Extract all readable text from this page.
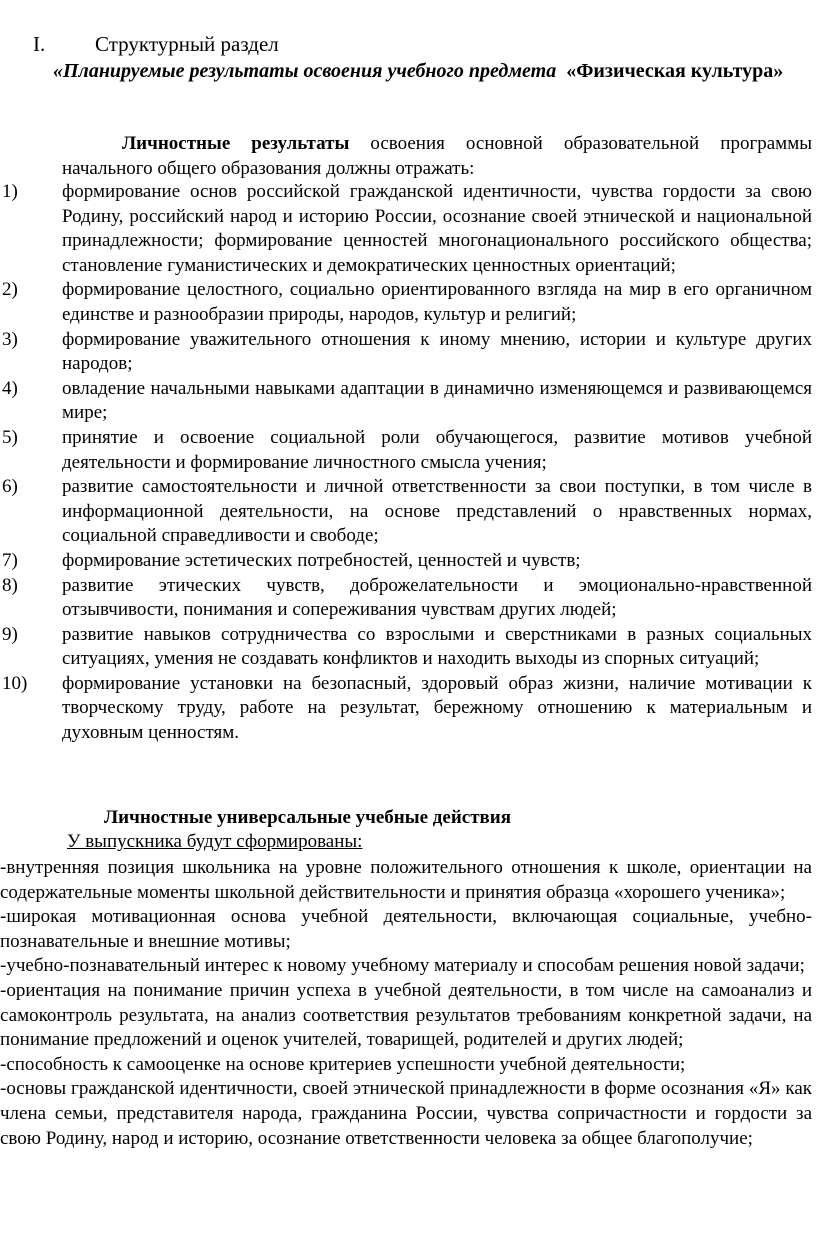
I. Структурный раздел
«Планируемые результаты освоения учебного предмета «Физическая культура»
Личностные результаты освоения основной образовательной программы начального общего образования должны отражать:
1) формирование основ российской гражданской идентичности, чувства гордости за свою Родину, российский народ и историю России, осознание своей этнической и национальной принадлежности; формирование ценностей многонационального российского общества; становление гуманистических и демократических ценностных ориентаций;
2) формирование целостного, социально ориентированного взгляда на мир в его органичном единстве и разнообразии природы, народов, культур и религий;
3) формирование уважительного отношения к иному мнению, истории и культуре других народов;
4) овладение начальными навыками адаптации в динамично изменяющемся и развивающемся мире;
5) принятие и освоение социальной роли обучающегося, развитие мотивов учебной деятельности и формирование личностного смысла учения;
6) развитие самостоятельности и личной ответственности за свои поступки, в том числе в информационной деятельности, на основе представлений о нравственных нормах, социальной справедливости и свободе;
7) формирование эстетических потребностей, ценностей и чувств;
8) развитие этических чувств, доброжелательности и эмоционально-нравственной отзывчивости, понимания и сопереживания чувствам других людей;
9) развитие навыков сотрудничества со взрослыми и сверстниками в разных социальных ситуациях, умения не создавать конфликтов и находить выходы из спорных ситуаций;
10) формирование установки на безопасный, здоровый образ жизни, наличие мотивации к творческому труду, работе на результат, бережному отношению к материальным и духовным ценностям.
Личностные универсальные учебные действия
У выпускника будут сформированы:
-внутренняя позиция школьника на уровне положительного отношения к школе, ориентации на содержательные моменты школьной действительности и принятия образца «хорошего ученика»;
-широкая мотивационная основа учебной деятельности, включающая социальные, учебно-познавательные и внешние мотивы;
-учебно-познавательный интерес к новому учебному материалу и способам решения новой задачи;
-ориентация на понимание причин успеха в учебной деятельности, в том числе на самоанализ и самоконтроль результата, на анализ соответствия результатов требованиям конкретной задачи, на понимание предложений и оценок учителей, товарищей, родителей и других людей;
-способность к самооценке на основе критериев успешности учебной деятельности;
-основы гражданской идентичности, своей этнической принадлежности в форме осознания «Я» как члена семьи, представителя народа, гражданина России, чувства сопричастности и гордости за свою Родину, народ и историю, осознание ответственности человека за общее благополучие;
